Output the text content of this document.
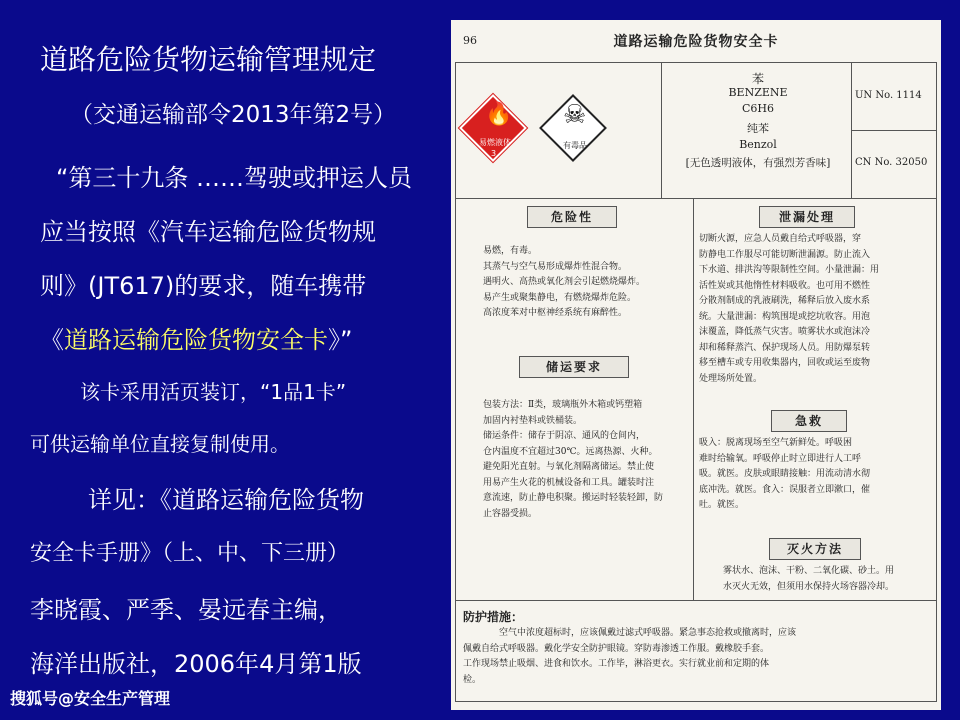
道路危险货物运输管理规定
（交通运输部令2013年第2号）
“第三十九条 ……驾驶或押运人员
应当按照《汽车运输危险货物规
则》(JT617)的要求，随车携带
《道路运输危险货物安全卡》”
该卡采用活页装订，“1品1卡”
可供运输单位直接复制使用。
详见：《道路运输危险货物
安全卡手册》（上、中、下三册）
李晓霞、严季、晏远春主编，
海洋出版社，2006年4月第1版
搜狐号@安全生产管理
96	道路运输危险货物安全卡
🔥
易燃液体
3
☠
有毒品
苯
BENZENE
C6H6
纯苯
Benzol
[无色透明液体，有强烈芳香味]
UN No. 1114
CN No. 32050
危险性
易燃，有毒。
其蒸气与空气易形成爆炸性混合物。
遇明火、高热或氧化剂会引起燃烧爆炸。
易产生或聚集静电，有燃烧爆炸危险。
高浓度苯对中枢神经系统有麻醉性。
储运要求
包装方法：Ⅱ类，玻璃瓶外木箱或钙塑箱
加固内衬垫料或铁桶装。
储运条件：储存于阴凉、通风的仓间内，
仓内温度不宜超过30℃。远离热源、火种。
避免阳光直射。与氧化剂隔离储运。禁止使
用易产生火花的机械设备和工具。罐装时注
意流速，防止静电积聚。搬运时轻装轻卸，防
止容器受损。
泄漏处理
切断火源，应急人员戴自给式呼吸器，穿
防静电工作服尽可能切断泄漏源。防止流入
下水道、排洪沟等限制性空间。小量泄漏：用
活性炭或其他惰性材料吸收。也可用不燃性
分散剂制成的乳液刷洗，稀释后放入废水系
统。大量泄漏：构筑围堤或挖坑收容。用泡
沫覆盖，降低蒸气灾害。喷雾状水或泡沫冷
却和稀释蒸汽、保护现场人员。用防爆泵转
移至槽车或专用收集器内，回收或运至废物
处理场所处置。
急救
吸入：脱离现场至空气新鲜处。呼吸困
难时给输氧。呼吸停止时立即进行人工呼
吸。就医。皮肤或眼睛接触：用流动清水彻
底冲洗。就医。食入：误服者立即漱口，催
吐。就医。
灭火方法
雾状水、泡沫、干粉、二氧化碳、砂土。用
水灭火无效，但须用水保持火场容器冷却。
防护措施：
空气中浓度超标时，应该佩戴过滤式呼吸器。紧急事态抢救或撤离时，应该
佩戴自给式呼吸器。戴化学安全防护眼镜。穿防毒渗透工作服。戴橡胶手套。
工作现场禁止吸烟、进食和饮水。工作毕，淋浴更衣。实行就业前和定期的体
检。
